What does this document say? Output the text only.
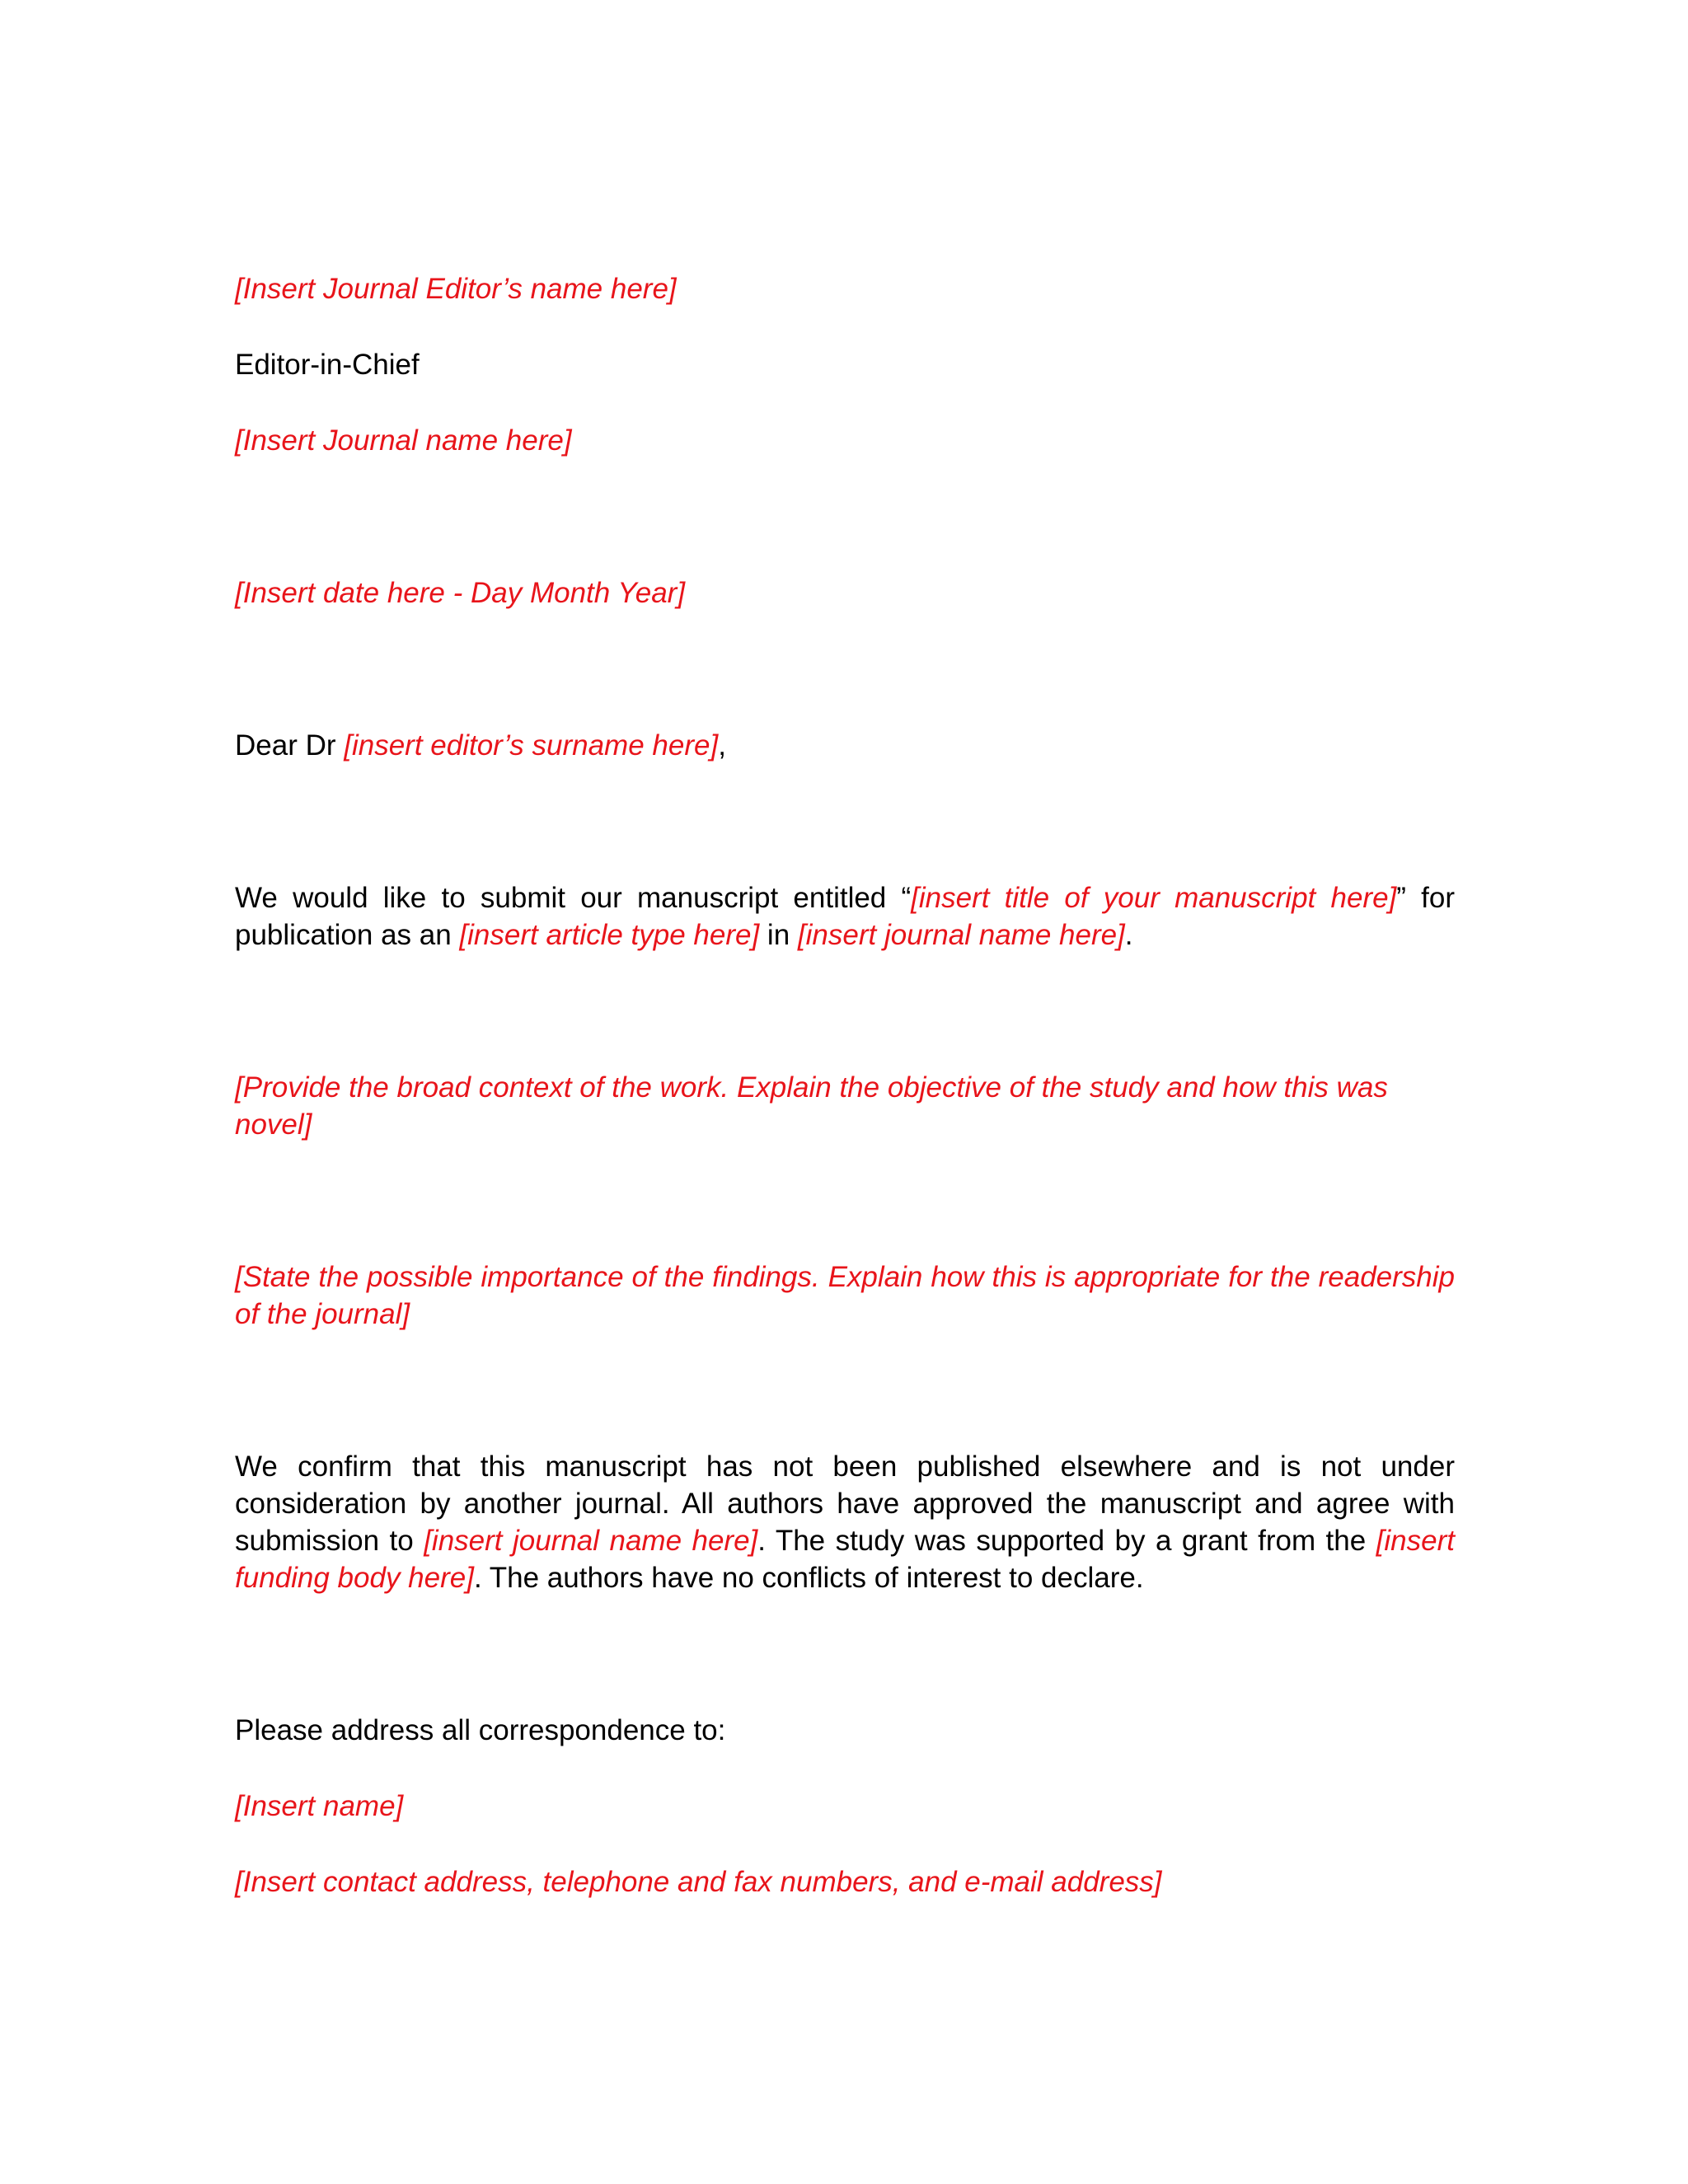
[Insert Journal Editor’s name here]

Editor-in-Chief

[Insert Journal name here]

[Insert date here - Day Month Year]

Dear Dr [insert editor’s surname here],

We would like to submit our manuscript entitled “[insert title of your manuscript here]” for publication as an [insert article type here] in [insert journal name here].

[Provide the broad context of the work. Explain the objective of the study and how this was novel]

[State the possible importance of the findings. Explain how this is appropriate for the readership of the journal]

We confirm that this manuscript has not been published elsewhere and is not under consideration by another journal. All authors have approved the manuscript and agree with submission to [insert journal name here]. The study was supported by a grant from the [insert funding body here]. The authors have no conflicts of interest to declare.

Please address all correspondence to:

[Insert name]

[Insert contact address, telephone and fax numbers, and e-mail address]
